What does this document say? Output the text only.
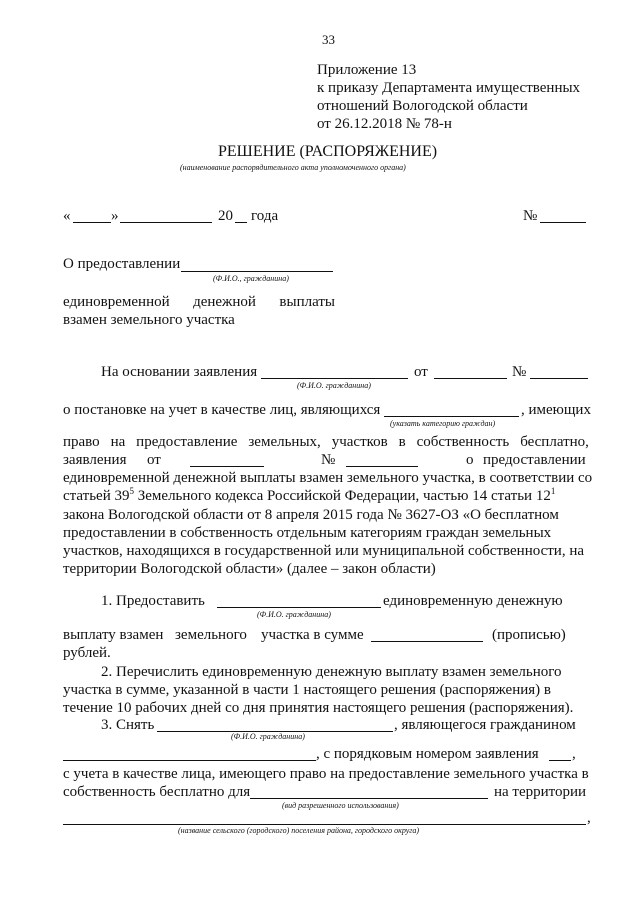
33
Приложение 13
к приказу Департамента имущественных
отношений Вологодской области
от 26.12.2018 № 78-н
РЕШЕНИЕ (РАСПОРЯЖЕНИЕ)
(наименование распорядительного акта уполномоченного органа)
«	»	20 года	№
О предоставлении
(Ф.И.О., гражданина)
единовременной денежной выплаты
взамен земельного участка
На основании заявления
(Ф.И.О. гражданина)
от	№
о постановке на учет в качестве лиц, являющихся	, имеющих
(указать категорию граждан)
право на предоставление земельных, участков в собственность бесплатно,
заявления от	№	о предоставлении
единовременной денежной выплаты взамен земельного участка, в соответствии со
статьей $39^5$ Земельного кодекса Российской Федерации, частью 14 статьи $12^1$
закона Вологодской области от 8 апреля 2015 года № 3627-ОЗ «О бесплатном
предоставлении в собственность отдельным категориям граждан земельных
участков, находящихся в государственной или муниципальной собственности, на
территории Вологодской области» (далее – закон области)
1. Предоставить
(Ф.И.О. гражданина)
единовременную денежную
выплату взамен земельного участка в сумме	(прописью)
рублей.
2. Перечислить единовременную денежную выплату взамен земельного
участка в сумме, указанной в части 1 настоящего решения (распоряжения) в
течение 10 рабочих дней со дня принятия настоящего решения (распоряжения).
3. Снять	, являющегося гражданином
(Ф.И.О. гражданина)
, с порядковым номером заявления ,
с учета в качестве лица, имеющего право на предоставление земельного участка в
собственность бесплатно для	на территории
(вид разрешенного использования)
,
(название сельского (городского) поселения района, городского округа)
